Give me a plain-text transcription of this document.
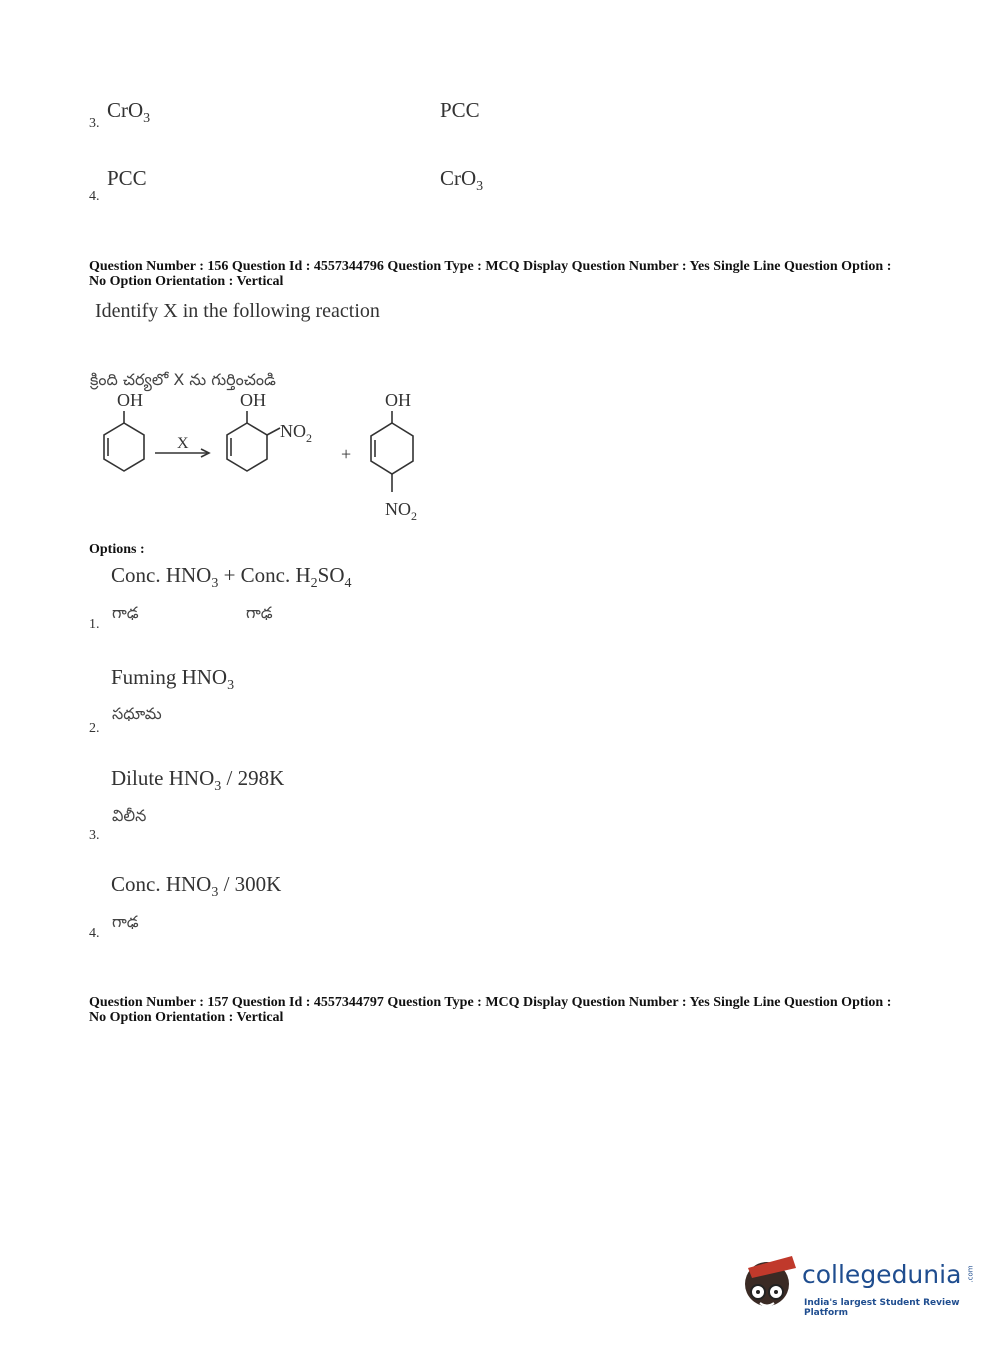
3.
CrO$_3$	PCC
4.
PCC	CrO$_3$
Question Number : 156 Question Id : 4557344796 Question Type : MCQ Display Question Number : Yes Single Line Question Option : No Option Orientation : Vertical
Identify X in the following reaction
క్రింది చర్యలో X ను గుర్తించండి
OH	OH	OH
X
$NO_2$
+
$NO_2$
Options :
Conc. $HNO_3$ + Conc. $H_2SO_4$
గాఢ	గాఢ
1.
Fuming $HNO_3$
సధూమ
2.
Dilute $HNO_3 / 298K$
విలీన
3.
Conc. $HNO_3 / 300K$
గాఢ
4.
Question Number : 157 Question Id : 4557344797 Question Type : MCQ Display Question Number : Yes Single Line Question Option : No Option Orientation : Vertical
collegedunia .com
India's largest Student Review Platform
